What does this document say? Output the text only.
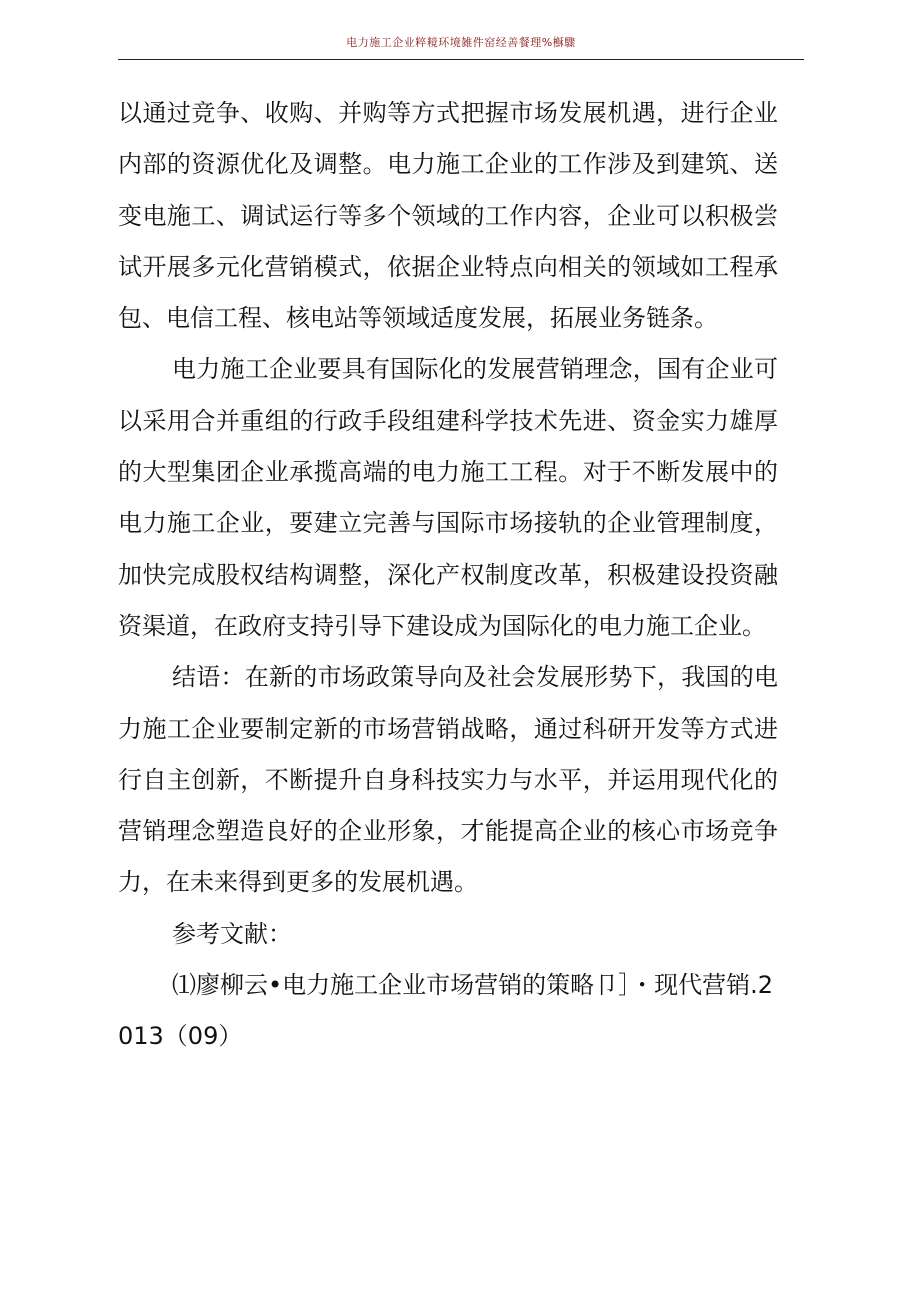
电力施工企业粹糡环境雑件窑经善餐理%櫯驟

以通过竞争、收购、并购等方式把握市场发展机遇，进行企业内部的资源优化及调整。电力施工企业的工作涉及到建筑、送变电施工、调试运行等多个领域的工作内容，企业可以积极尝试开展多元化营销模式，依据企业特点向相关的领域如工程承包、电信工程、核电站等领域适度发展，拓展业务链条。

电力施工企业要具有国际化的发展营销理念，国有企业可以采用合并重组的行政手段组建科学技术先进、资金实力雄厚的大型集团企业承揽高端的电力施工工程。对于不断发展中的电力施工企业，要建立完善与国际市场接轨的企业管理制度，加快完成股权结构调整，深化产权制度改革，积极建设投资融资渠道，在政府支持引导下建设成为国际化的电力施工企业。

结语：在新的市场政策导向及社会发展形势下，我国的电力施工企业要制定新的市场营销战略，通过科研开发等方式进行自主创新，不断提升自身科技实力与水平，并运用现代化的营销理念塑造良好的企业形象，才能提高企业的核心市场竞争力，在未来得到更多的发展机遇。

参考文献：

⑴廖柳云•电力施工企业市场营销的策略卩］・现代营销.2013（09）
